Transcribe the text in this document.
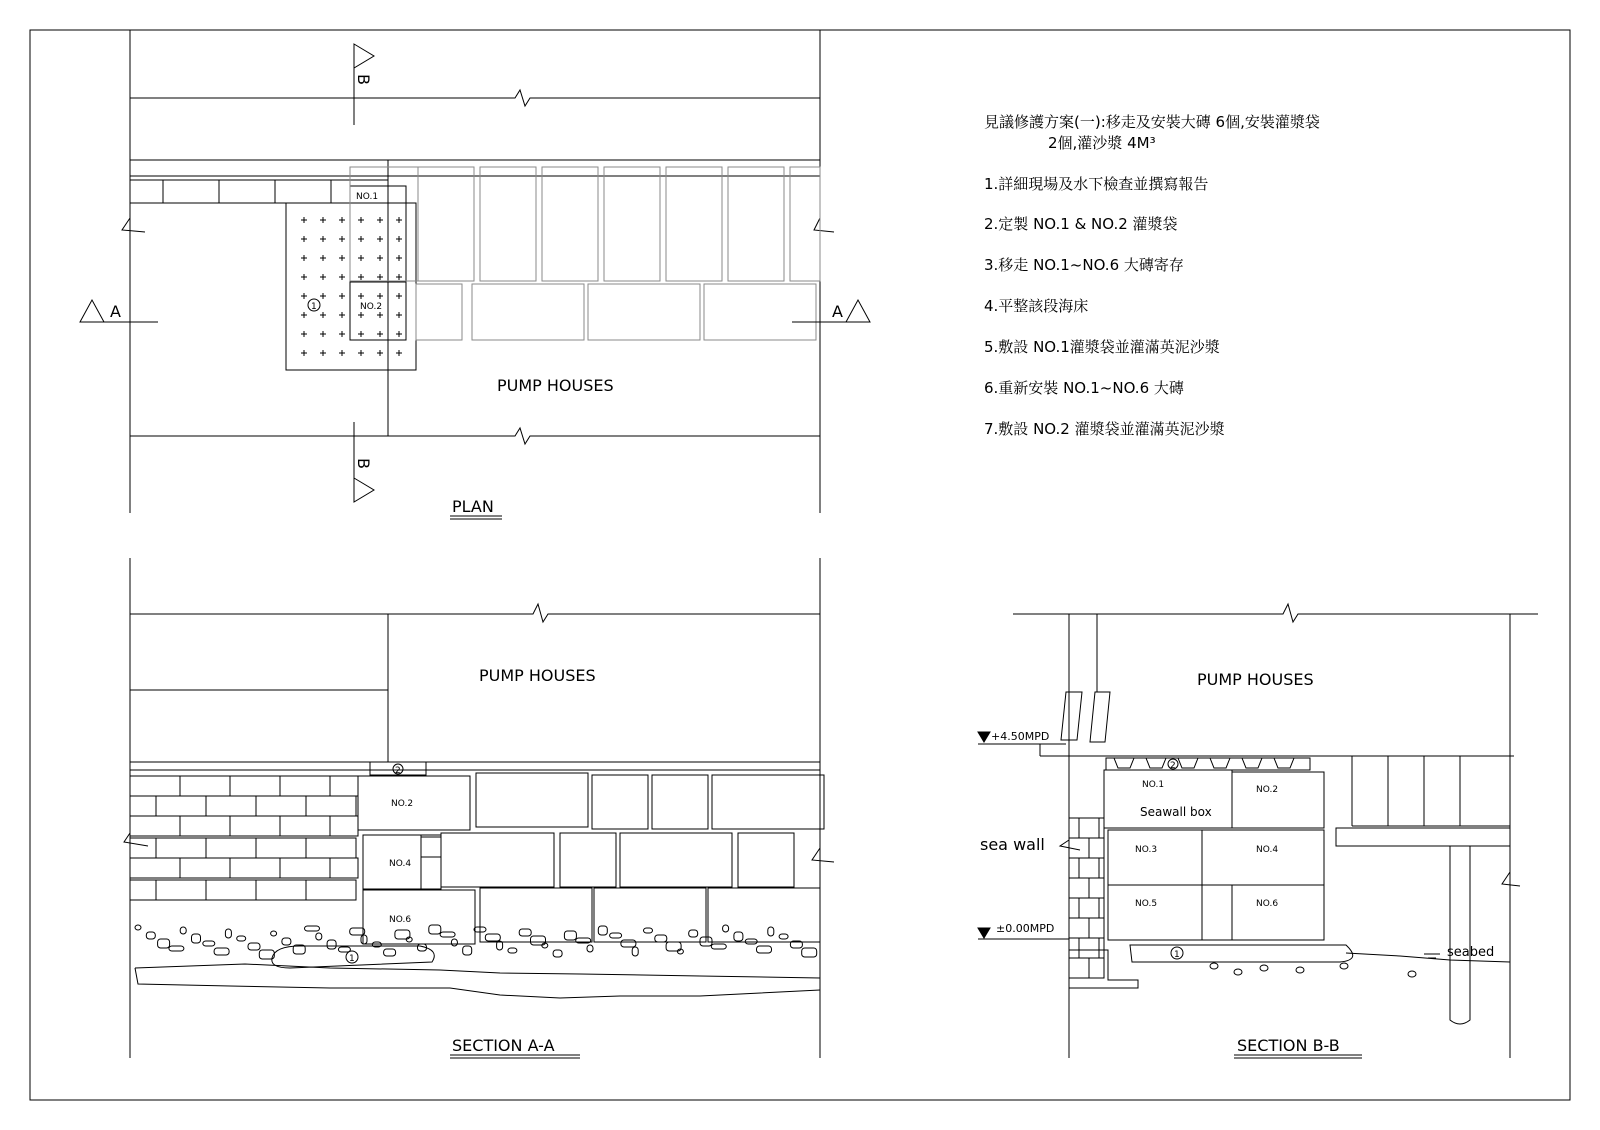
NO.1
NO.2
1
PUMP HOUSES
A	A
B
B
PLAN
見議修護方案(一):移走及安裝大磚 6個,安裝灌漿袋
2個,灌沙漿 4M³
1.詳細現場及水下檢查並撰寫報告
2.定製 NO.1 & NO.2 灌漿袋
3.移走 NO.1~NO.6 大磚寄存
4.平整該段海床
5.敷設 NO.1灌漿袋並灌滿英泥沙漿
6.重新安裝 NO.1~NO.6 大磚
7.敷設 NO.2 灌漿袋並灌滿英泥沙漿
PUMP HOUSES
2
NO.2
NO.4
NO.6
1
SECTION A-A
PUMP HOUSES
+4.50MPD
±0.00MPD
sea wall
2
NO.1	NO.2
NO.3	NO.4
NO.5	NO.6
Seawall box
1	seabed
SECTION B-B
